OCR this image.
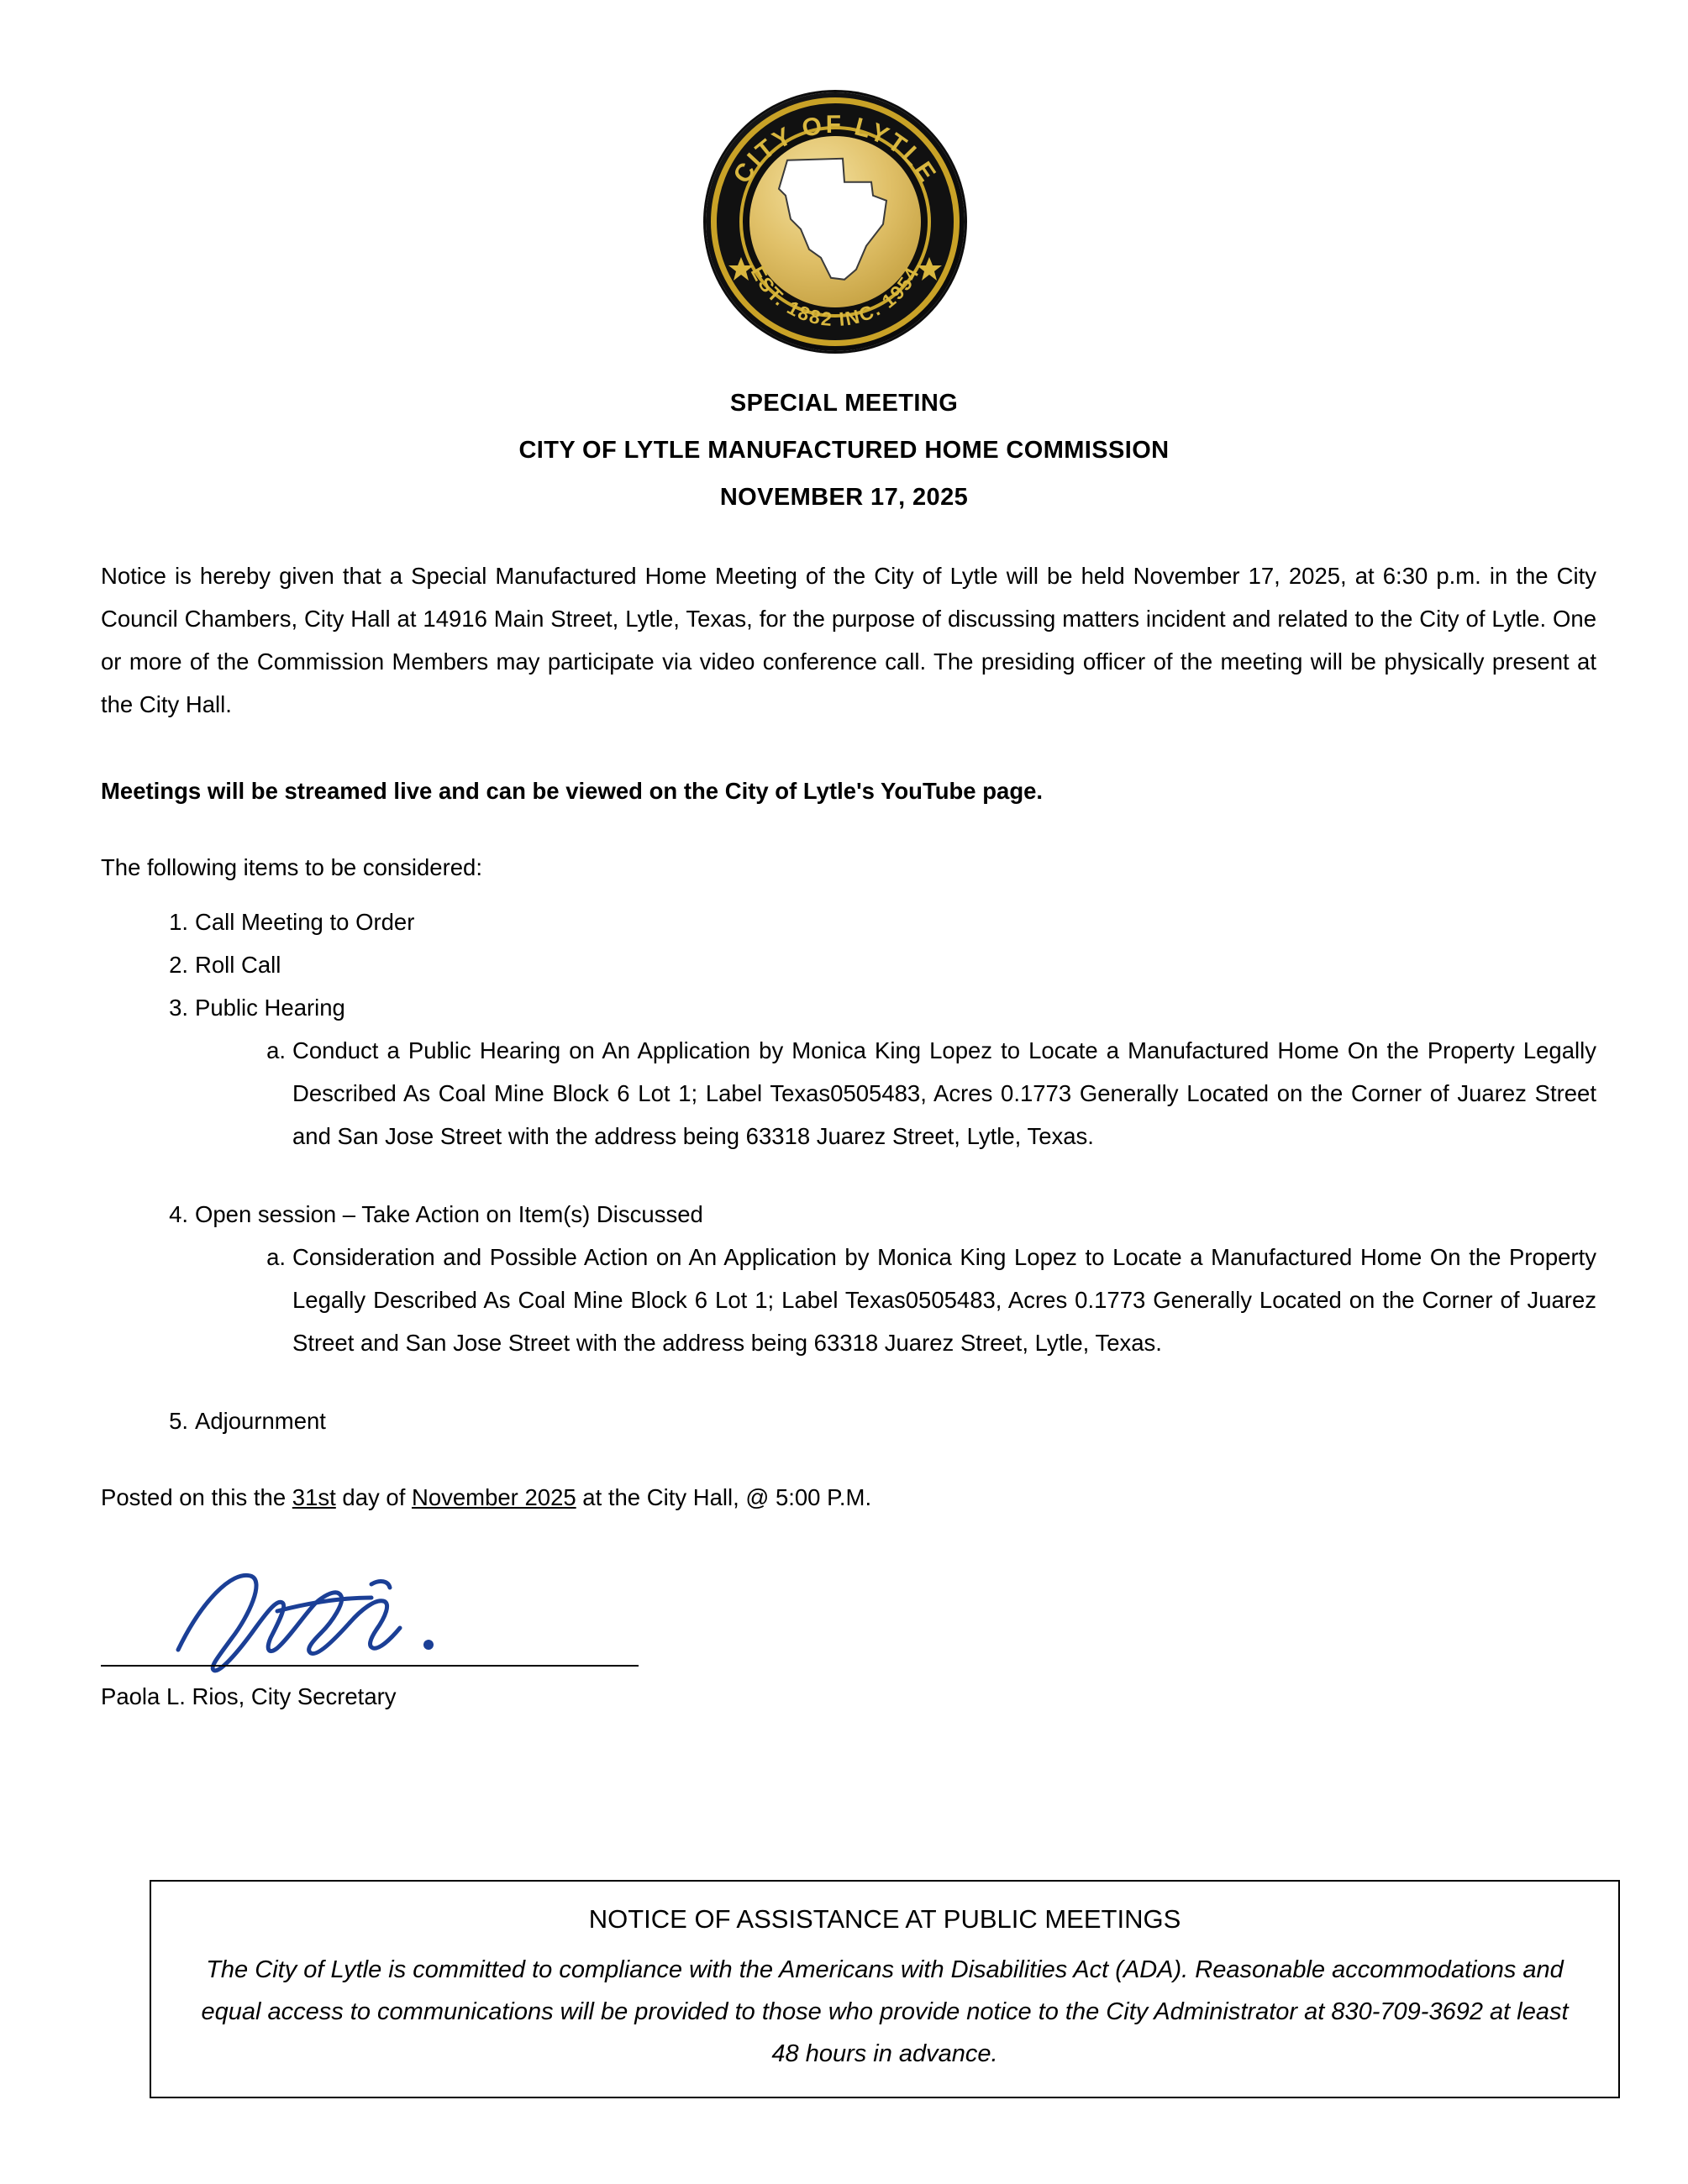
CITY OF LYTLE
EST. 1882 INC. 1954
SPECIAL MEETING
CITY OF LYTLE MANUFACTURED HOME COMMISSION
NOVEMBER 17, 2025

Notice is hereby given that a Special Manufactured Home Meeting of the City of Lytle will be held November 17, 2025, at 6:30 p.m. in the City Council Chambers, City Hall at 14916 Main Street, Lytle, Texas, for the purpose of discussing matters incident and related to the City of Lytle. One or more of the Commission Members may participate via video conference call. The presiding officer of the meeting will be physically present at the City Hall.

Meetings will be streamed live and can be viewed on the City of Lytle's YouTube page.
The following items to be considered:
1. Call Meeting to Order
2. Roll Call
3. Public Hearing
a. Conduct a Public Hearing on An Application by Monica King Lopez to Locate a Manufactured Home On the Property Legally Described As Coal Mine Block 6 Lot 1; Label Texas0505483, Acres 0.1773 Generally Located on the Corner of Juarez Street and San Jose Street with the address being 63318 Juarez Street, Lytle, Texas.
4. Open session – Take Action on Item(s) Discussed
a. Consideration and Possible Action on An Application by Monica King Lopez to Locate a Manufactured Home On the Property Legally Described As Coal Mine Block 6 Lot 1; Label Texas0505483, Acres 0.1773 Generally Located on the Corner of Juarez Street and San Jose Street with the address being 63318 Juarez Street, Lytle, Texas.
5. Adjournment
Posted on this the 31st day of November 2025 at the City Hall, @ 5:00 P.M.
Paola L. Rios, City Secretary
NOTICE OF ASSISTANCE AT PUBLIC MEETINGS
The City of Lytle is committed to compliance with the Americans with Disabilities Act (ADA). Reasonable accommodations and equal access to communications will be provided to those who provide notice to the City Administrator at 830-709-3692 at least 48 hours in advance.
